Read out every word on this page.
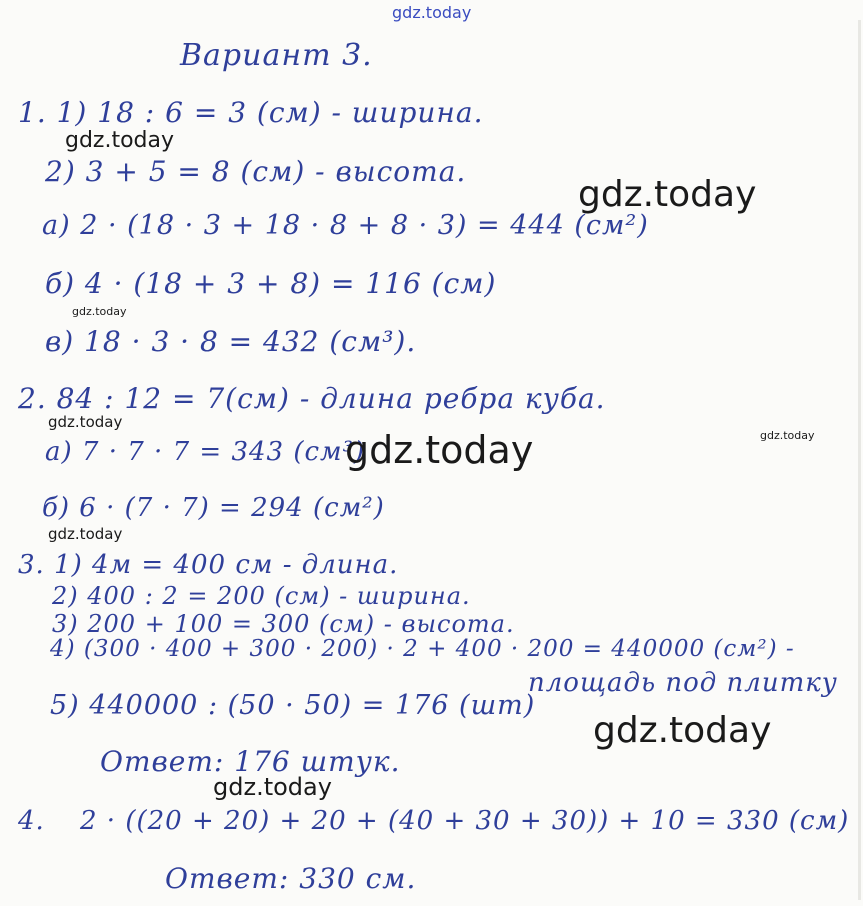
gdz.today
Вариант 3.
1. 1) 18 : 6 = 3 (см) - ширина.
gdz.today
2) 3 + 5 = 8 (см) - высота.
gdz.today
а) 2 · (18 · 3 + 18 · 8 + 8 · 3) = 444 (см²)
б) 4 · (18 + 3 + 8) = 116 (см)
gdz.today
в) 18 · 3 · 8 = 432 (см³).
2. 84 : 12 = 7(см) - длина ребра куба.
gdz.today
gdz.today
а) 7 · 7 · 7 = 343 (см³)
gdz.today
б) 6 · (7 · 7) = 294 (см²)
gdz.today
3. 1) 4м = 400 см - длина.
2) 400 : 2 = 200 (см) - ширина.
3) 200 + 100 = 300 (см) - высота.
4) (300 · 400 + 300 · 200) · 2 + 400 · 200 = 440000 (см²) -
площадь под плитку
5) 440000 : (50 · 50) = 176 (шт)
gdz.today
Ответ: 176 штук.
gdz.today
4. 2 · ((20 + 20) + 20 + (40 + 30 + 30)) + 10 = 330 (см)
Ответ: 330 см.
